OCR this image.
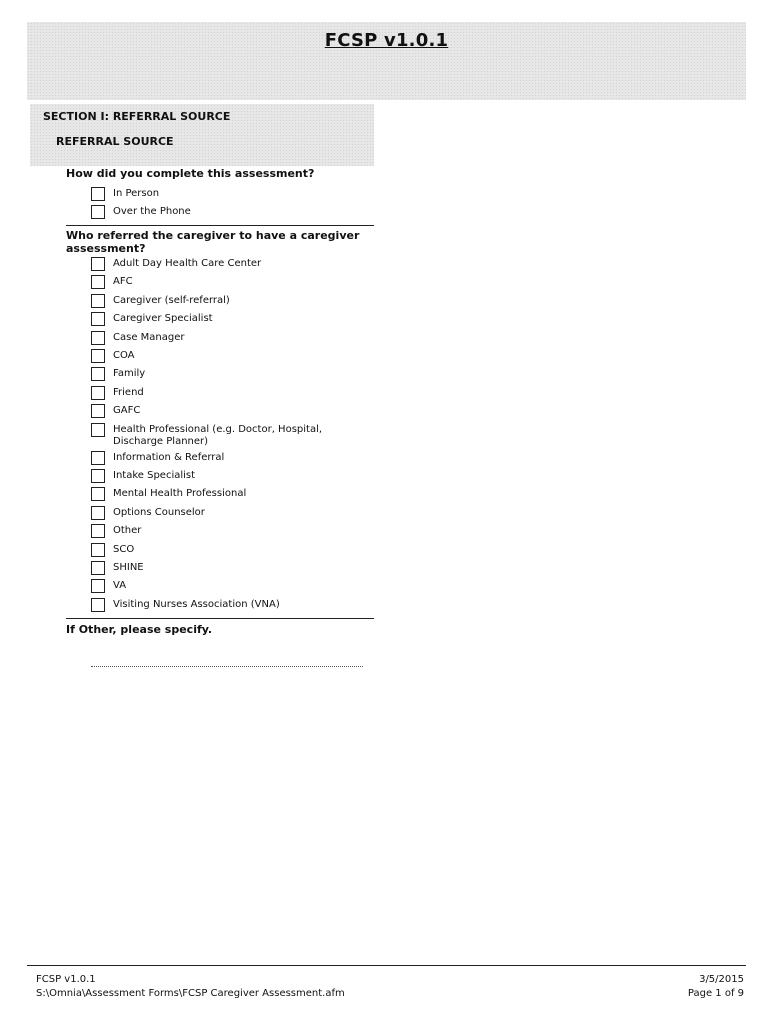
FCSP v1.0.1
SECTION I: REFERRAL SOURCE
REFERRAL SOURCE
How did you complete this assessment?
In Person
Over the Phone
Who referred the caregiver to have a caregiver assessment?
Adult Day Health Care Center
AFC
Caregiver (self-referral)
Caregiver Specialist
Case Manager
COA
Family
Friend
GAFC
Health Professional (e.g. Doctor, Hospital, Discharge Planner)
Information & Referral
Intake Specialist
Mental Health Professional
Options Counselor
Other
SCO
SHINE
VA
Visiting Nurses Association (VNA)
If Other, please specify.
FCSP v1.0.1
S:\Omnia\Assessment Forms\FCSP Caregiver Assessment.afm
3/5/2015
Page 1 of 9
